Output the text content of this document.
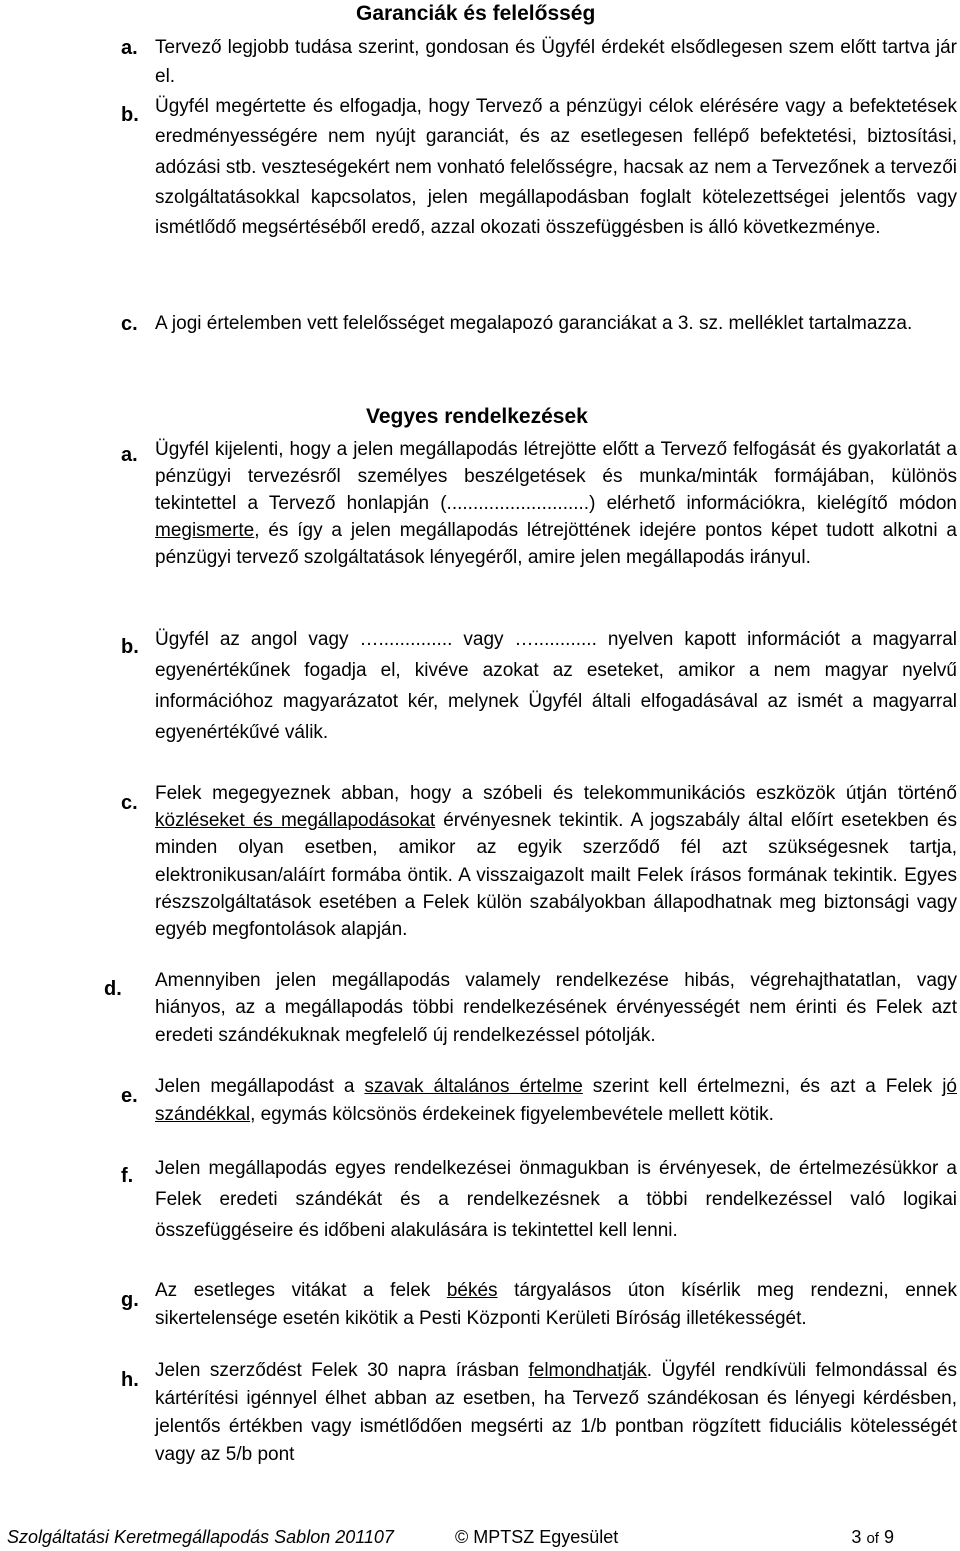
Garanciák és felelősség
a. Tervező legjobb tudása szerint, gondosan és Ügyfél érdekét elsődlegesen szem előtt tartva jár el.
b. Ügyfél megértette és elfogadja, hogy Tervező a pénzügyi célok elérésére vagy a befektetések eredményességére nem nyújt garanciát, és az esetlegesen fellépő befektetési, biztosítási, adózási stb. veszteségekért nem vonható felelősségre, hacsak az nem a Tervezőnek a tervezői szolgáltatásokkal kapcsolatos, jelen megállapodásban foglalt kötelezettségei jelentős vagy ismétlődő megsértéséből eredő, azzal okozati összefüggésben is álló következménye.
c. A jogi értelemben vett felelősséget megalapozó garanciákat a 3. sz. melléklet tartalmazza.
Vegyes rendelkezések
a. Ügyfél kijelenti, hogy a jelen megállapodás létrejötte előtt a Tervező felfogását és gyakorlatát a pénzügyi tervezésről személyes beszélgetések és munka/minták formájában, különös tekintettel a Tervező honlapján (...........................) elérhető információkra, kielégítő módon megismerte, és így a jelen megállapodás létrejöttének idejére pontos képet tudott alkotni a pénzügyi tervező szolgáltatások lényegéről, amire jelen megállapodás irányul.
b. Ügyfél az angol vagy ….............. vagy …............ nyelven kapott információt a magyarral egyenértékűnek fogadja el, kivéve azokat az eseteket, amikor a nem magyar nyelvű információhoz magyarázatot kér, melynek Ügyfél általi elfogadásával az ismét a magyarral egyenértékűvé válik.
c. Felek megegyeznek abban, hogy a szóbeli és telekommunikációs eszközök útján történő közléseket és megállapodásokat érvényesnek tekintik. A jogszabály által előírt esetekben és minden olyan esetben, amikor az egyik szerződő fél azt szükségesnek tartja, elektronikusan/aláírt formába öntik. A visszaigazolt mailt Felek írásos formának tekintik. Egyes részszolgáltatások esetében a Felek külön szabályokban állapodhatnak meg biztonsági vagy egyéb megfontolások alapján.
d. Amennyiben jelen megállapodás valamely rendelkezése hibás, végrehajthatatlan, vagy hiányos, az a megállapodás többi rendelkezésének érvényességét nem érinti és Felek azt eredeti szándékuknak megfelelő új rendelkezéssel pótolják.
e. Jelen megállapodást a szavak általános értelme szerint kell értelmezni, és azt a Felek jó szándékkal, egymás kölcsönös érdekeinek figyelembevétele mellett kötik.
f. Jelen megállapodás egyes rendelkezései önmagukban is érvényesek, de értelmezésükkor a Felek eredeti szándékát és a rendelkezésnek a többi rendelkezéssel való logikai összefüggéseire és időbeni alakulására is tekintettel kell lenni.
g. Az esetleges vitákat a felek békés tárgyalásos úton kísérlik meg rendezni, ennek sikertelensége esetén kikötik a Pesti Központi Kerületi Bíróság illetékességét.
h. Jelen szerződést Felek 30 napra írásban felmondhatják. Ügyfél rendkívüli felmondással és kártérítési igénnyel élhet abban az esetben, ha Tervező szándékosan és lényegi kérdésben, jelentős értékben vagy ismétlődően megsérti az 1/b pontban rögzített fiduciális kötelességét vagy az 5/b pont
Szolgáltatási Keretmegállapodás Sablon 201107	© MPTSZ Egyesület	3 of 9
